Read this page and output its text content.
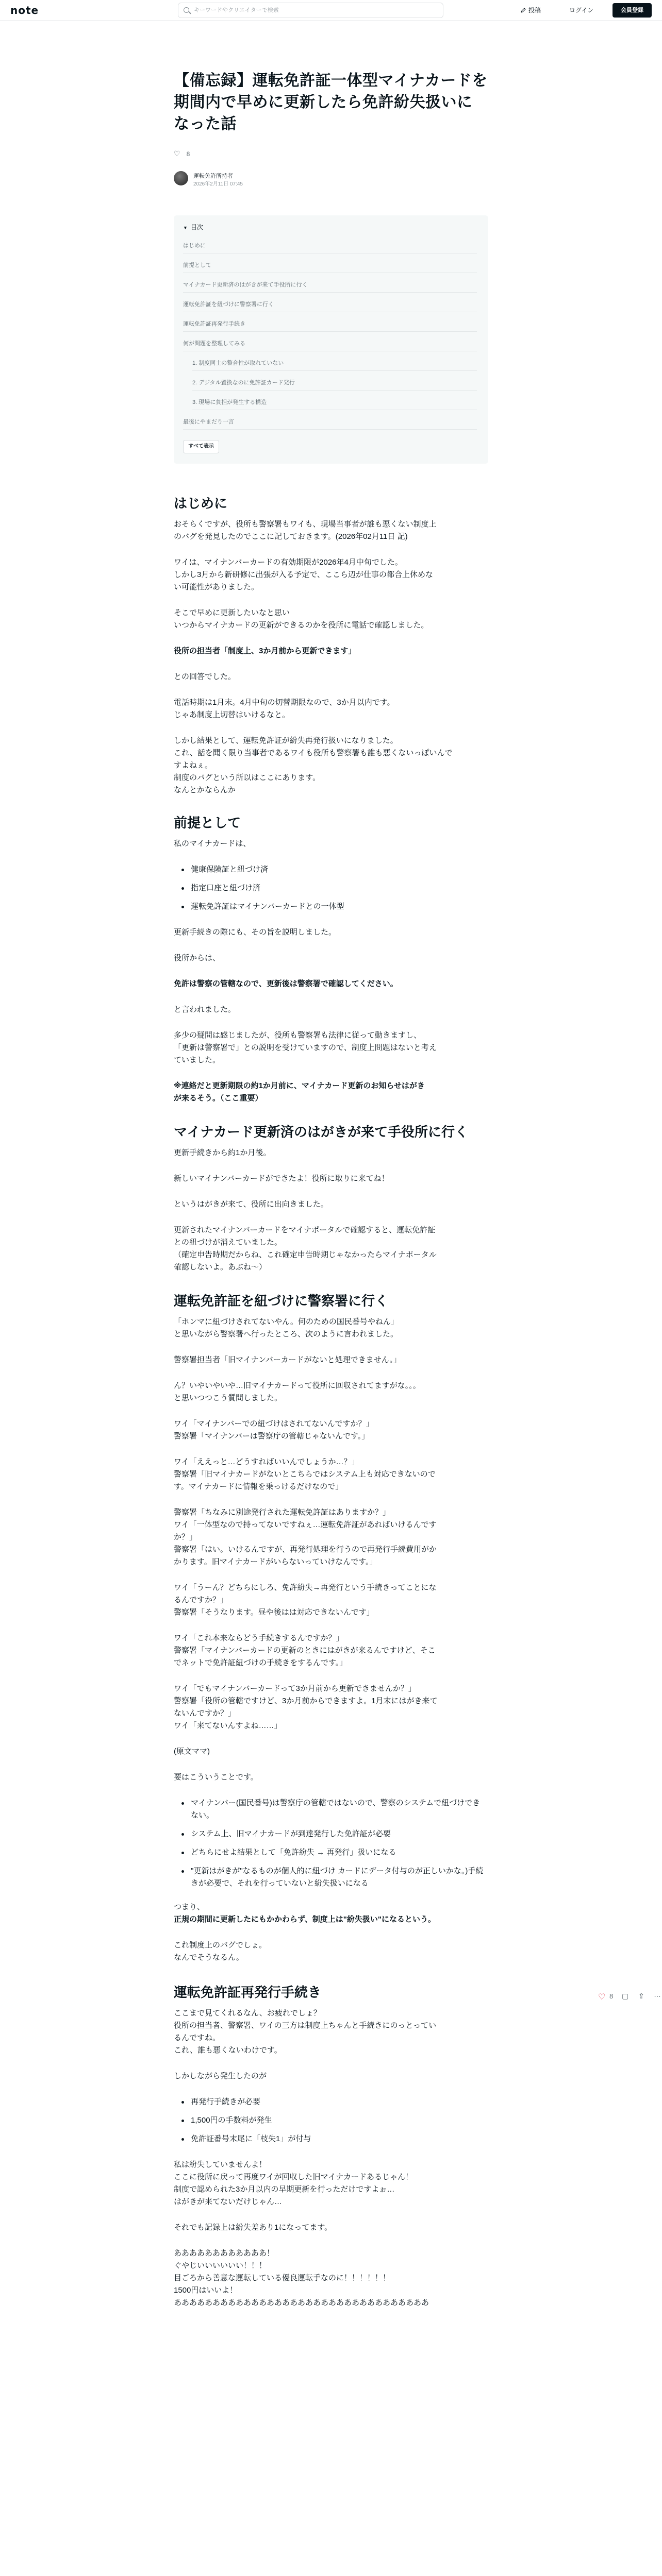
note
キーワードやクリエイターで検索	投稿	ログイン	会員登録
【備忘録】運転免許証一体型マイナカードを
期間内で早めに更新したら免許紛失扱いに
なった話
♡ 8
運転免許所持者
2026年2月11日 07:45
▼ 目次
はじめに
前提として
マイナカード更新済のはがきが来て手役所に行く
運転免許証を紐づけに警察署に行く
運転免許証再発行手続き
何が問題を整理してみる
1. 制度同士の整合性が取れていない
2. デジタル置換なのに免許証カード発行
3. 現場に負担が発生する構造
最後にやまだり一言
すべて表示
はじめに
おそらくですが、役所も警察署もワイも、現場当事者が誰も悪くない制度上
のバグを発見したのでここに記しておきます。(2026年02月11日 記)
ワイは、マイナンバーカードの有効期限が2026年4月中旬でした。
しかし3月から新研修に出張が入る予定で、ここら辺が仕事の都合上休めな
い可能性がありました。
そこで早めに更新したいなと思い
いつからマイナカードの更新ができるのかを役所に電話で確認しました。
役所の担当者「制度上、3か月前から更新できます」
との回答でした。
電話時期は1月末。4月中旬の切替期限なので、3か月以内です。
じゃあ制度上切替はいけるなと。
しかし結果として、運転免許証が紛失再発行扱いになりました。
これ、話を聞く限り当事者であるワイも役所も警察署も誰も悪くないっぽいんで
すよねぇ。
制度のバグという所以はここにあります。
なんとかならんか
前提として
私のマイナカードは、
健康保険証と紐づけ済
指定口座と紐づけ済
運転免許証はマイナンバーカードとの一体型
更新手続きの際にも、その旨を説明しました。
役所からは、
免許は警察の管轄なので、更新後は警察署で確認してください。
と言われました。
多少の疑問は感じましたが、役所も警察署も法律に従って動きますし、
「更新は警察署で」との説明を受けていますので、制度上問題はないと考え
ていました。
※連絡だと更新期限の約1か月前に、マイナカード更新のお知らせはがき
が来るそう。（ここ重要）
マイナカード更新済のはがきが来て手役所に行く
更新手続きから約1か月後。
新しいマイナンバーカードができたよ！役所に取りに来てね！
というはがきが来て、役所に出向きました。
更新されたマイナンバーカードをマイナポータルで確認すると、運転免許証
との紐づけが消えていました。
（確定申告時期だからね、これ確定申告時期じゃなかったらマイナポータル
確認しないよ。あぶね～）
運転免許証を紐づけに警察署に行く
「ホンマに紐づけされてないやん。何のための国民番号やねん」
と思いながら警察署へ行ったところ、次のように言われました。
警察署担当者「旧マイナンバーカードがないと処理できません。」
ん？いやいやいや…旧マイナカードって役所に回収されてますがな。。。
と思いつつこう質問しました。
ワイ「マイナンバーでの紐づけはされてないんですか？」
警察署「マイナンバーは警察庁の管轄じゃないんです。」
ワイ「ええっと…どうすればいいんでしょうか…？」
警察署「旧マイナカードがないとこちらではシステム上も対応できないので
す。マイナカードに情報を乗っけるだけなので」
警察署「ちなみに別途発行された運転免許証はありますか？」
ワイ「一体型なので持ってないですねぇ…運転免許証があればいけるんです
か？」
警察署「はい。いけるんですが、再発行処理を行うので再発行手続費用がか
かります。旧マイナカードがいらないっていけなんです。」
ワイ「うーん？どちらにしろ、免許紛失→再発行という手続きってことにな
るんですか？」
警察署「そうなります。昼や後はは対応できないんです」
ワイ「これ本来ならどう手続きするんですか？」
警察署「マイナンバーカードの更新のときにはがきが来るんですけど、そこ
でネットで免許証紐づけの手続きをするんです。」
ワイ「でもマイナンバーカードって3か月前から更新できませんか？」
警察署「役所の管轄ですけど、3か月前からできますよ。1月末にはがき来て
ないんですか？」
ワイ「来てないんすよね……」
(原文ママ)
要はこういうことです。
マイナンバー(国民番号)は警察庁の管轄ではないので、警察のシステムで紐づけできない。
システム上、旧マイナカードが到達発行した免許証が必要
どちらにせよ結果として「免許紛失 → 再発行」扱いになる
"更新はがきが"なるものが個人的に紐づけ カードにデータ付与のが正しいかな。)手続きが必要で、それを行っていないと紛失扱いになる
つまり、
正規の期間に更新したにもかかわらず、制度上は"紛失扱い"になるという。
これ制度上のバグでしょ。
なんでそうなるん。
運転免許証再発行手続き
ここまで見てくれるなん、お疲れでしょ？
役所の担当者、警察署、ワイの三方は制度上ちゃんと手続きにのっとってい
るんですね。
これ、誰も悪くないわけです。
しかしながら発生したのが
再発行手続きが必要
1,500円の手数料が発生
免許証番号末尾に「枝失1」が付与
私は紛失していませんよ！
ここに役所に戻って再度ワイが回収した旧マイナカードあるじゃん！
制度で認められた3か月以内の早期更新を行っただけですよぉ…
はがきが来てないだけじゃん…
それでも記録上は紛失差あり1になってます。
ああああああああああああ！
ぐやじいいいいいい！！！
目ごろから善意な運転している優良運転手なのに！！！！！！
1500円はいいよ！
あああああああああああああああああああああああああああああああああ
♡ 8 ▢ ⇪ …
